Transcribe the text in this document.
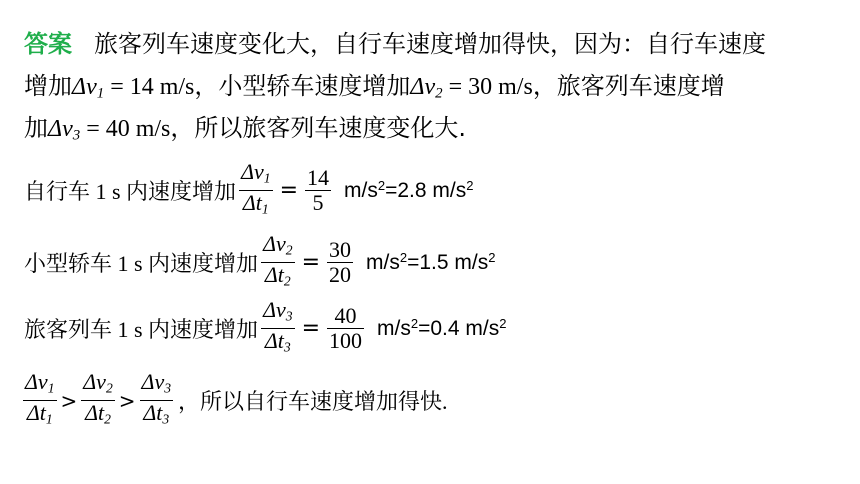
答案 旅客列车速度变化大，自行车速度增加得快，因为：自行车速度
增加$\Delta v_1 = 14$ m/s，小型轿车速度增加$\Delta v_2 = 30$ m/s，旅客列车速度增
加$\Delta v_3 = 40$ m/s，所以旅客列车速度变化大.
自行车 1 s 内速度增加 $\frac{\Delta v_1}{\Delta t_1} = \frac{14}{5} m/s^2=2.8$ $m/s^2$
小型轿车 1 s 内速度增加 $\frac{\Delta v_2}{\Delta t_2} = \frac{30}{20} m/s^2=1.5$ $m/s^2$
旅客列车 1 s 内速度增加 $\frac{\Delta v_3}{\Delta t_3} = \frac{40}{100} m/s^2=0.4$ $m/s^2$
$\frac{\Delta v_1}{\Delta t_1} > \frac{\Delta v_2}{\Delta t_2} > \frac{\Delta v_3}{\Delta t_3}$ ，所以自行车速度增加得快.
